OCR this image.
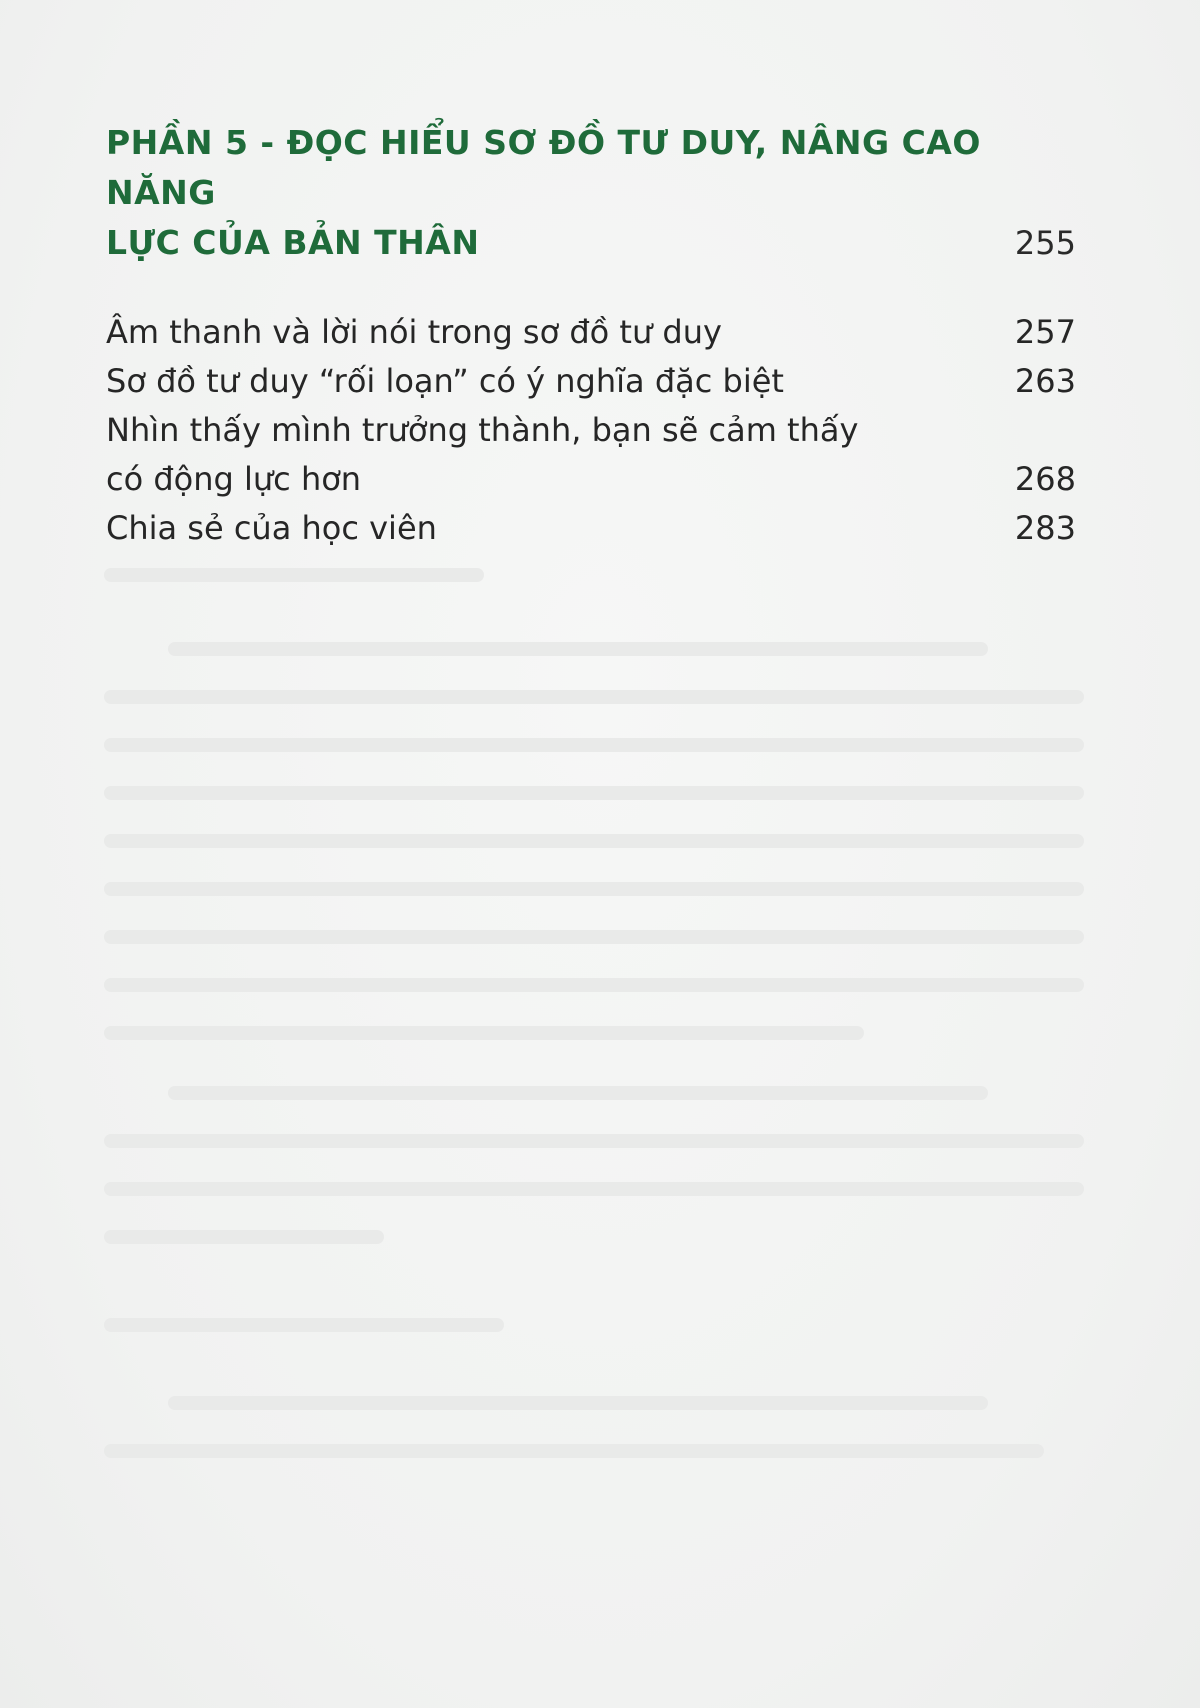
PHẦN 5 - ĐỌC HIỂU SƠ ĐỒ TƯ DUY, NÂNG CAO NĂNG
LỰC CỦA BẢN THÂN	255
Âm thanh và lời nói trong sơ đồ tư duy	257
Sơ đồ tư duy “rối loạn” có ý nghĩa đặc biệt	263
Nhìn thấy mình trưởng thành, bạn sẽ cảm thấy
có động lực hơn	268
Chia sẻ của học viên	283
